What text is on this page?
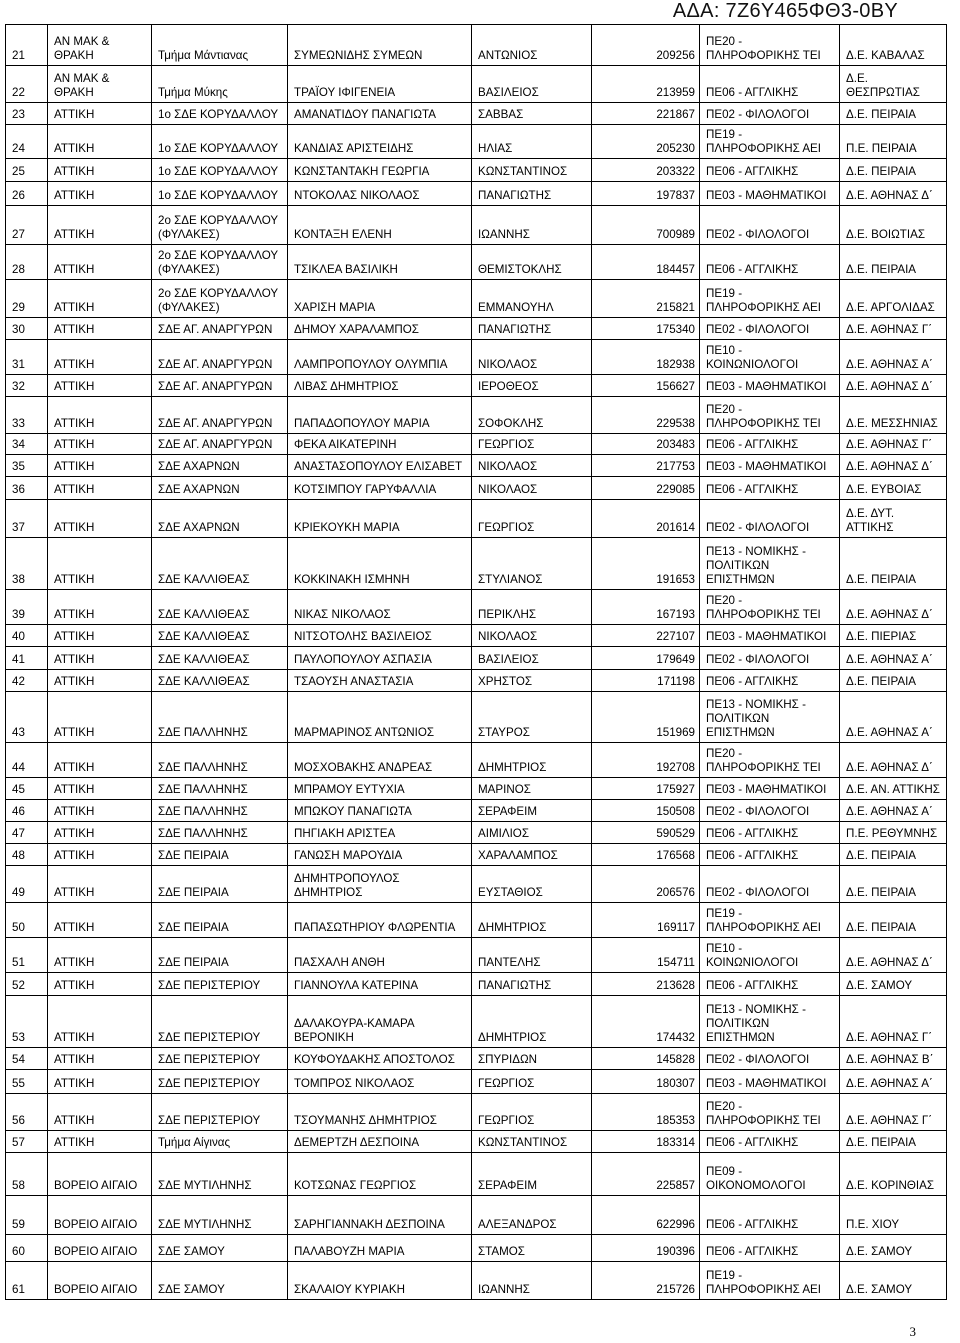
ΑΔΑ: 7Ζ6Υ465ΦΘ3-0ΒΥ
21	ΑΝ ΜΑΚ &
ΘΡΑΚΗ	Τμήμα Μάντιανας	ΣΥΜΕΩΝΙΔΗΣ ΣΥΜΕΩΝ	ΑΝΤΩΝΙΟΣ	209256	ΠΕ20 -
ΠΛΗΡΟΦΟΡΙΚΗΣ ΤΕΙ	Δ.Ε. ΚΑΒΑΛΑΣ
22	ΑΝ ΜΑΚ &
ΘΡΑΚΗ	Τμήμα Μύκης	ΤΡΑΪΟΥ ΙΦΙΓΕΝΕΙΑ	ΒΑΣΙΛΕΙΟΣ	213959	ΠΕ06 - ΑΓΓΛΙΚΗΣ	Δ.Ε. ΘΕΣΠΡΩΤΙΑΣ
23	ΑΤΤΙΚΗ	1ο ΣΔΕ ΚΟΡΥΔΑΛΛΟΥ	ΑΜΑΝΑΤΙΔΟΥ ΠΑΝΑΓΙΩΤΑ	ΣΑΒΒΑΣ	221867	ΠΕ02 - ΦΙΛΟΛΟΓΟΙ	Δ.Ε. ΠΕΙΡΑΙΑ
24	ΑΤΤΙΚΗ	1ο ΣΔΕ ΚΟΡΥΔΑΛΛΟΥ	ΚΑΝΔΙΑΣ ΑΡΙΣΤΕΙΔΗΣ	ΗΛΙΑΣ	205230	ΠΕ19 -
ΠΛΗΡΟΦΟΡΙΚΗΣ ΑΕΙ	Π.Ε. ΠΕΙΡΑΙΑ
25	ΑΤΤΙΚΗ	1ο ΣΔΕ ΚΟΡΥΔΑΛΛΟΥ	ΚΩΝΣΤΑΝΤΑΚΗ ΓΕΩΡΓΙΑ	ΚΩΝΣΤΑΝΤΙΝΟΣ	203322	ΠΕ06 - ΑΓΓΛΙΚΗΣ	Δ.Ε. ΠΕΙΡΑΙΑ
26	ΑΤΤΙΚΗ	1ο ΣΔΕ ΚΟΡΥΔΑΛΛΟΥ	ΝΤΟΚΟΛΑΣ ΝΙΚΟΛΑΟΣ	ΠΑΝΑΓΙΩΤΗΣ	197837	ΠΕ03 - ΜΑΘΗΜΑΤΙΚΟΙ	Δ.Ε. ΑΘΗΝΑΣ Δ΄
27	ΑΤΤΙΚΗ	2ο ΣΔΕ ΚΟΡΥΔΑΛΛΟΥ
(ΦΥΛΑΚΕΣ)	ΚΟΝΤΑΞΗ ΕΛΕΝΗ	ΙΩΑΝΝΗΣ	700989	ΠΕ02 - ΦΙΛΟΛΟΓΟΙ	Δ.Ε. ΒΟΙΩΤΙΑΣ
28	ΑΤΤΙΚΗ	2ο ΣΔΕ ΚΟΡΥΔΑΛΛΟΥ
(ΦΥΛΑΚΕΣ)	ΤΣΙΚΛΕΑ ΒΑΣΙΛΙΚΗ	ΘΕΜΙΣΤΟΚΛΗΣ	184457	ΠΕ06 - ΑΓΓΛΙΚΗΣ	Δ.Ε. ΠΕΙΡΑΙΑ
29	ΑΤΤΙΚΗ	2ο ΣΔΕ ΚΟΡΥΔΑΛΛΟΥ
(ΦΥΛΑΚΕΣ)	ΧΑΡΙΣΗ ΜΑΡΙΑ	ΕΜΜΑΝΟΥΗΛ	215821	ΠΕ19 -
ΠΛΗΡΟΦΟΡΙΚΗΣ ΑΕΙ	Δ.Ε. ΑΡΓΟΛΙΔΑΣ
30	ΑΤΤΙΚΗ	ΣΔΕ ΑΓ. ΑΝΑΡΓΥΡΩΝ	ΔΗΜΟΥ ΧΑΡΑΛΑΜΠΟΣ	ΠΑΝΑΓΙΩΤΗΣ	175340	ΠΕ02 - ΦΙΛΟΛΟΓΟΙ	Δ.Ε. ΑΘΗΝΑΣ Γ΄
31	ΑΤΤΙΚΗ	ΣΔΕ ΑΓ. ΑΝΑΡΓΥΡΩΝ	ΛΑΜΠΡΟΠΟΥΛΟΥ ΟΛΥΜΠΙΑ	ΝΙΚΟΛΑΟΣ	182938	ΠΕ10 -
ΚΟΙΝΩΝΙΟΛΟΓΟΙ	Δ.Ε. ΑΘΗΝΑΣ Α΄
32	ΑΤΤΙΚΗ	ΣΔΕ ΑΓ. ΑΝΑΡΓΥΡΩΝ	ΛΙΒΑΣ ΔΗΜΗΤΡΙΟΣ	ΙΕΡΟΘΕΟΣ	156627	ΠΕ03 - ΜΑΘΗΜΑΤΙΚΟΙ	Δ.Ε. ΑΘΗΝΑΣ Δ΄
33	ΑΤΤΙΚΗ	ΣΔΕ ΑΓ. ΑΝΑΡΓΥΡΩΝ	ΠΑΠΑΔΟΠΟΥΛΟΥ ΜΑΡΙΑ	ΣΟΦΟΚΛΗΣ	229538	ΠΕ20 -
ΠΛΗΡΟΦΟΡΙΚΗΣ ΤΕΙ	Δ.Ε. ΜΕΣΣΗΝΙΑΣ
34	ΑΤΤΙΚΗ	ΣΔΕ ΑΓ. ΑΝΑΡΓΥΡΩΝ	ΦΕΚΑ ΑΙΚΑΤΕΡΙΝΗ	ΓΕΩΡΓΙΟΣ	203483	ΠΕ06 - ΑΓΓΛΙΚΗΣ	Δ.Ε. ΑΘΗΝΑΣ Γ΄
35	ΑΤΤΙΚΗ	ΣΔΕ ΑΧΑΡΝΩΝ	ΑΝΑΣΤΑΣΟΠΟΥΛΟΥ ΕΛΙΣΑΒΕΤ	ΝΙΚΟΛΑΟΣ	217753	ΠΕ03 - ΜΑΘΗΜΑΤΙΚΟΙ	Δ.Ε. ΑΘΗΝΑΣ Δ΄
36	ΑΤΤΙΚΗ	ΣΔΕ ΑΧΑΡΝΩΝ	ΚΟΤΣΙΜΠΟΥ ΓΑΡΥΦΑΛΛΙΑ	ΝΙΚΟΛΑΟΣ	229085	ΠΕ06 - ΑΓΓΛΙΚΗΣ	Δ.Ε. ΕΥΒΟΙΑΣ
37	ΑΤΤΙΚΗ	ΣΔΕ ΑΧΑΡΝΩΝ	ΚΡΙΕΚΟΥΚΗ ΜΑΡΙΑ	ΓΕΩΡΓΙΟΣ	201614	ΠΕ02 - ΦΙΛΟΛΟΓΟΙ	Δ.Ε. ΔΥΤ.
ΑΤΤΙΚΗΣ
38	ΑΤΤΙΚΗ	ΣΔΕ ΚΑΛΛΙΘΕΑΣ	ΚΟΚΚΙΝΑΚΗ ΙΣΜΗΝΗ	ΣΤΥΛΙΑΝΟΣ	191653	ΠΕ13 - ΝΟΜΙΚΗΣ -
ΠΟΛΙΤΙΚΩΝ
ΕΠΙΣΤΗΜΩΝ	Δ.Ε. ΠΕΙΡΑΙΑ
39	ΑΤΤΙΚΗ	ΣΔΕ ΚΑΛΛΙΘΕΑΣ	ΝΙΚΑΣ ΝΙΚΟΛΑΟΣ	ΠΕΡΙΚΛΗΣ	167193	ΠΕ20 -
ΠΛΗΡΟΦΟΡΙΚΗΣ ΤΕΙ	Δ.Ε. ΑΘΗΝΑΣ Δ΄
40	ΑΤΤΙΚΗ	ΣΔΕ ΚΑΛΛΙΘΕΑΣ	ΝΙΤΣΟΤΟΛΗΣ ΒΑΣΙΛΕΙΟΣ	ΝΙΚΟΛΑΟΣ	227107	ΠΕ03 - ΜΑΘΗΜΑΤΙΚΟΙ	Δ.Ε. ΠΙΕΡΙΑΣ
41	ΑΤΤΙΚΗ	ΣΔΕ ΚΑΛΛΙΘΕΑΣ	ΠΑΥΛΟΠΟΥΛΟΥ ΑΣΠΑΣΙΑ	ΒΑΣΙΛΕΙΟΣ	179649	ΠΕ02 - ΦΙΛΟΛΟΓΟΙ	Δ.Ε. ΑΘΗΝΑΣ Α΄
42	ΑΤΤΙΚΗ	ΣΔΕ ΚΑΛΛΙΘΕΑΣ	ΤΣΑΟΥΣΗ ΑΝΑΣΤΑΣΙΑ	ΧΡΗΣΤΟΣ	171198	ΠΕ06 - ΑΓΓΛΙΚΗΣ	Δ.Ε. ΠΕΙΡΑΙΑ
43	ΑΤΤΙΚΗ	ΣΔΕ ΠΑΛΛΗΝΗΣ	ΜΑΡΜΑΡΙΝΟΣ ΑΝΤΩΝΙΟΣ	ΣΤΑΥΡΟΣ	151969	ΠΕ13 - ΝΟΜΙΚΗΣ -
ΠΟΛΙΤΙΚΩΝ
ΕΠΙΣΤΗΜΩΝ	Δ.Ε. ΑΘΗΝΑΣ Α΄
44	ΑΤΤΙΚΗ	ΣΔΕ ΠΑΛΛΗΝΗΣ	ΜΟΣΧΟΒΑΚΗΣ ΑΝΔΡΕΑΣ	ΔΗΜΗΤΡΙΟΣ	192708	ΠΕ20 -
ΠΛΗΡΟΦΟΡΙΚΗΣ ΤΕΙ	Δ.Ε. ΑΘΗΝΑΣ Δ΄
45	ΑΤΤΙΚΗ	ΣΔΕ ΠΑΛΛΗΝΗΣ	ΜΠΡΑΜΟΥ ΕΥΤΥΧΙΑ	ΜΑΡΙΝΟΣ	175927	ΠΕ03 - ΜΑΘΗΜΑΤΙΚΟΙ	Δ.Ε. ΑΝ. ΑΤΤΙΚΗΣ
46	ΑΤΤΙΚΗ	ΣΔΕ ΠΑΛΛΗΝΗΣ	ΜΠΩΚΟΥ ΠΑΝΑΓΙΩΤΑ	ΣΕΡΑΦΕΙΜ	150508	ΠΕ02 - ΦΙΛΟΛΟΓΟΙ	Δ.Ε. ΑΘΗΝΑΣ Α΄
47	ΑΤΤΙΚΗ	ΣΔΕ ΠΑΛΛΗΝΗΣ	ΠΗΓΙΑΚΗ ΑΡΙΣΤΕΑ	ΑΙΜΙΛΙΟΣ	590529	ΠΕ06 - ΑΓΓΛΙΚΗΣ	Π.Ε. ΡΕΘΥΜΝΗΣ
48	ΑΤΤΙΚΗ	ΣΔΕ ΠΕΙΡΑΙΑ	ΓΑΝΩΣΗ ΜΑΡΟΥΔΙΑ	ΧΑΡΑΛΑΜΠΟΣ	176568	ΠΕ06 - ΑΓΓΛΙΚΗΣ	Δ.Ε. ΠΕΙΡΑΙΑ
49	ΑΤΤΙΚΗ	ΣΔΕ ΠΕΙΡΑΙΑ	ΔΗΜΗΤΡΟΠΟΥΛΟΣ
ΔΗΜΗΤΡΙΟΣ	ΕΥΣΤΑΘΙΟΣ	206576	ΠΕ02 - ΦΙΛΟΛΟΓΟΙ	Δ.Ε. ΠΕΙΡΑΙΑ
50	ΑΤΤΙΚΗ	ΣΔΕ ΠΕΙΡΑΙΑ	ΠΑΠΑΣΩΤΗΡΙΟΥ ΦΛΩΡΕΝΤΙΑ	ΔΗΜΗΤΡΙΟΣ	169117	ΠΕ19 -
ΠΛΗΡΟΦΟΡΙΚΗΣ ΑΕΙ	Δ.Ε. ΠΕΙΡΑΙΑ
51	ΑΤΤΙΚΗ	ΣΔΕ ΠΕΙΡΑΙΑ	ΠΑΣΧΑΛΗ ΑΝΘΗ	ΠΑΝΤΕΛΗΣ	154711	ΠΕ10 -
ΚΟΙΝΩΝΙΟΛΟΓΟΙ	Δ.Ε. ΑΘΗΝΑΣ Δ΄
52	ΑΤΤΙΚΗ	ΣΔΕ ΠΕΡΙΣΤΕΡΙΟΥ	ΓΙΑΝΝΟΥΛΑ ΚΑΤΕΡΙΝΑ	ΠΑΝΑΓΙΩΤΗΣ	213628	ΠΕ06 - ΑΓΓΛΙΚΗΣ	Δ.Ε. ΣΑΜΟΥ
53	ΑΤΤΙΚΗ	ΣΔΕ ΠΕΡΙΣΤΕΡΙΟΥ	ΔΑΛΑΚΟΥΡΑ-ΚΑΜΑΡΑ
ΒΕΡΟΝΙΚΗ	ΔΗΜΗΤΡΙΟΣ	174432	ΠΕ13 - ΝΟΜΙΚΗΣ -
ΠΟΛΙΤΙΚΩΝ
ΕΠΙΣΤΗΜΩΝ	Δ.Ε. ΑΘΗΝΑΣ Γ΄
54	ΑΤΤΙΚΗ	ΣΔΕ ΠΕΡΙΣΤΕΡΙΟΥ	ΚΟΥΦΟΥΔΑΚΗΣ ΑΠΟΣΤΟΛΟΣ	ΣΠΥΡΙΔΩΝ	145828	ΠΕ02 - ΦΙΛΟΛΟΓΟΙ	Δ.Ε. ΑΘΗΝΑΣ Β΄
55	ΑΤΤΙΚΗ	ΣΔΕ ΠΕΡΙΣΤΕΡΙΟΥ	ΤΟΜΠΡΟΣ ΝΙΚΟΛΑΟΣ	ΓΕΩΡΓΙΟΣ	180307	ΠΕ03 - ΜΑΘΗΜΑΤΙΚΟΙ	Δ.Ε. ΑΘΗΝΑΣ Α΄
56	ΑΤΤΙΚΗ	ΣΔΕ ΠΕΡΙΣΤΕΡΙΟΥ	ΤΣΟΥΜΑΝΗΣ ΔΗΜΗΤΡΙΟΣ	ΓΕΩΡΓΙΟΣ	185353	ΠΕ20 -
ΠΛΗΡΟΦΟΡΙΚΗΣ ΤΕΙ	Δ.Ε. ΑΘΗΝΑΣ Γ΄
57	ΑΤΤΙΚΗ	Τμήμα Αίγινας	ΔΕΜΕΡΤΖΗ ΔΕΣΠΟΙΝΑ	ΚΩΝΣΤΑΝΤΙΝΟΣ	183314	ΠΕ06 - ΑΓΓΛΙΚΗΣ	Δ.Ε. ΠΕΙΡΑΙΑ
58	ΒΟΡΕΙΟ ΑΙΓΑΙΟ	ΣΔΕ ΜΥΤΙΛΗΝΗΣ	ΚΟΤΣΩΝΑΣ ΓΕΩΡΓΙΟΣ	ΣΕΡΑΦΕΙΜ	225857	ΠΕ09 -
ΟΙΚΟΝΟΜΟΛΟΓΟΙ	Δ.Ε. ΚΟΡΙΝΘΙΑΣ
59	ΒΟΡΕΙΟ ΑΙΓΑΙΟ	ΣΔΕ ΜΥΤΙΛΗΝΗΣ	ΣΑΡΗΓΙΑΝΝΑΚΗ ΔΕΣΠΟΙΝΑ	ΑΛΕΞΑΝΔΡΟΣ	622996	ΠΕ06 - ΑΓΓΛΙΚΗΣ	Π.Ε. ΧΙΟΥ
60	ΒΟΡΕΙΟ ΑΙΓΑΙΟ	ΣΔΕ ΣΑΜΟΥ	ΠΑΛΑΒΟΥΖΗ ΜΑΡΙΑ	ΣΤΑΜΟΣ	190396	ΠΕ06 - ΑΓΓΛΙΚΗΣ	Δ.Ε. ΣΑΜΟΥ
61	ΒΟΡΕΙΟ ΑΙΓΑΙΟ	ΣΔΕ ΣΑΜΟΥ	ΣΚΑΛΑΙΟΥ ΚΥΡΙΑΚΗ	ΙΩΑΝΝΗΣ	215726	ΠΕ19 -
ΠΛΗΡΟΦΟΡΙΚΗΣ ΑΕΙ	Δ.Ε. ΣΑΜΟΥ
3
